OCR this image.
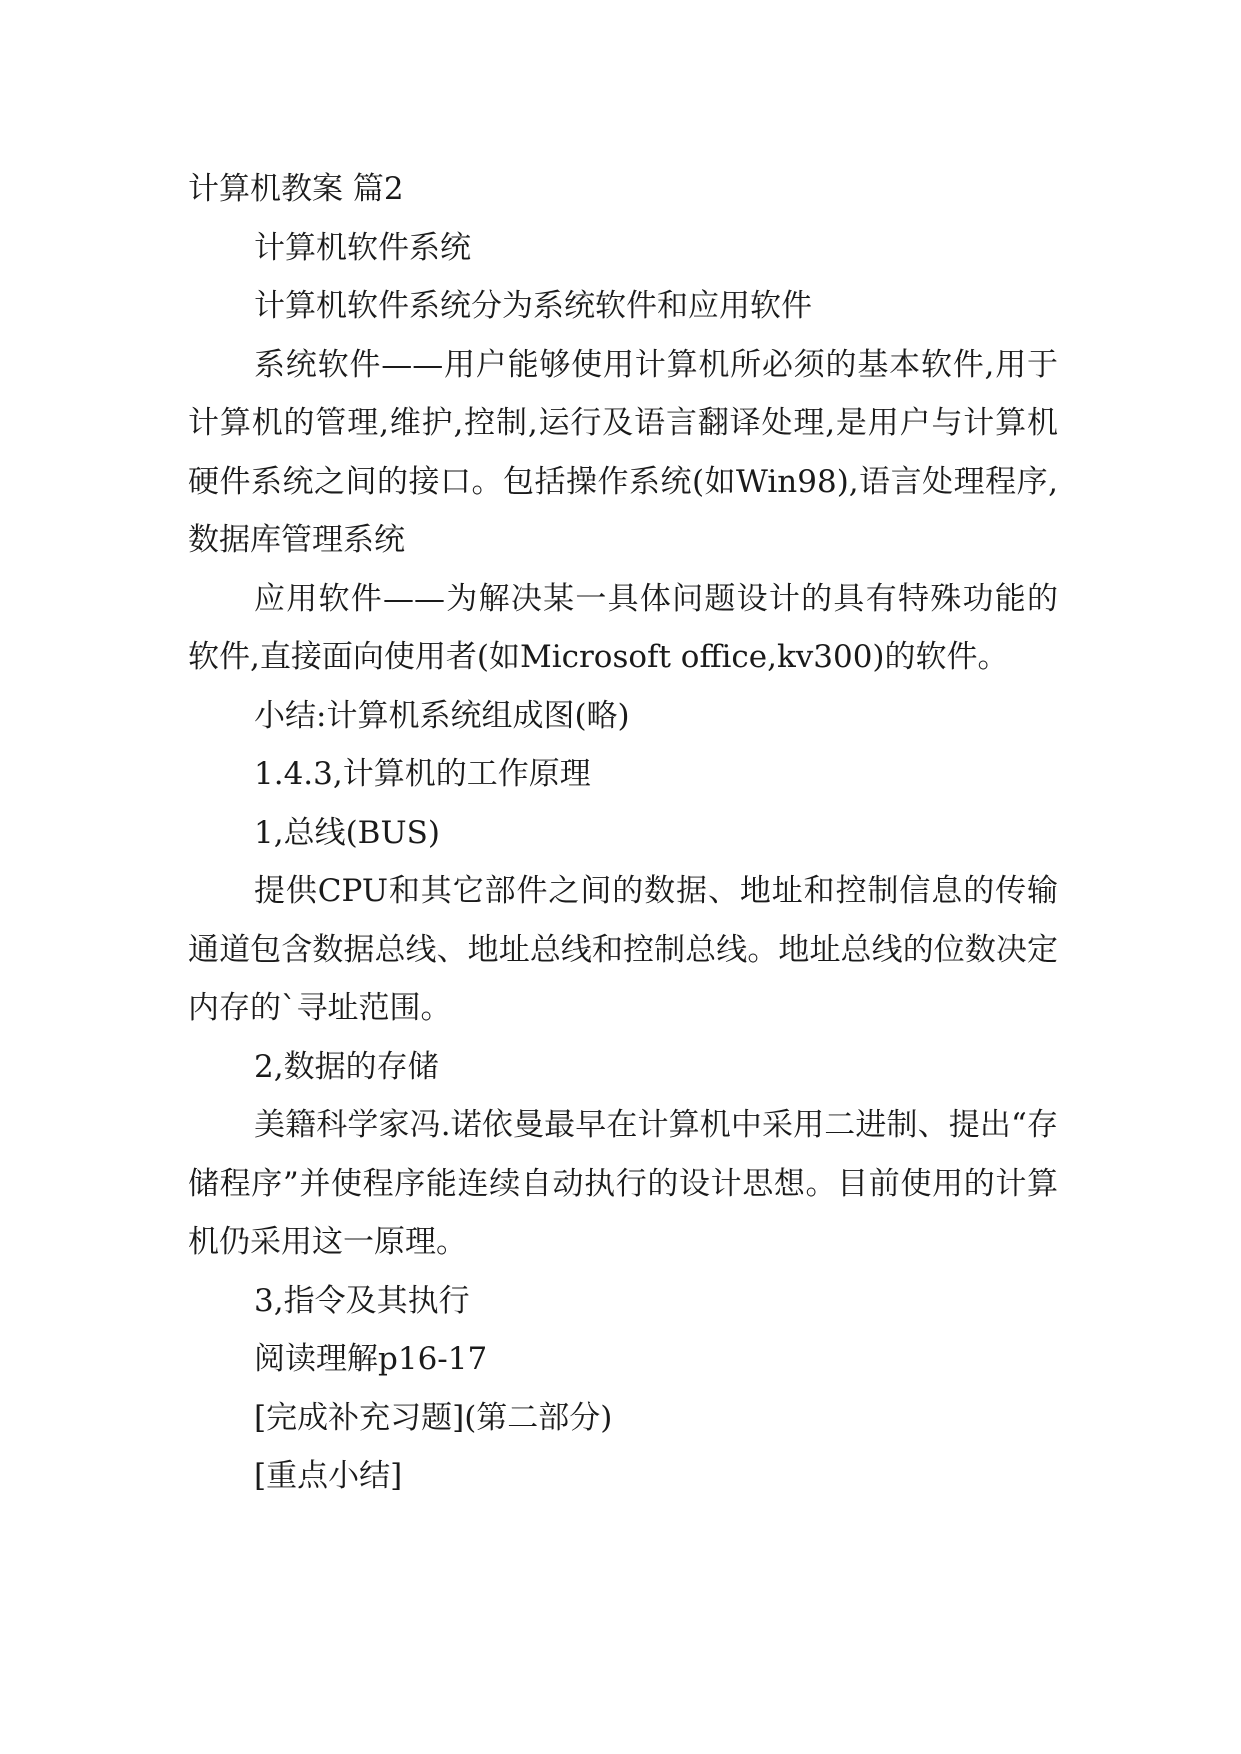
计算机教案 篇2

计算机软件系统

计算机软件系统分为系统软件和应用软件

系统软件——用户能够使用计算机所必须的基本软件,用于计算机的管理,维护,控制,运行及语言翻译处理,是用户与计算机硬件系统之间的接口。包括操作系统(如Win98),语言处理程序,数据库管理系统

应用软件——为解决某一具体问题设计的具有特殊功能的软件,直接面向使用者(如Microsoft office,kv300)的软件。

小结:计算机系统组成图(略)

1.4.3,计算机的工作原理

1,总线(BUS)

提供CPU和其它部件之间的数据、地址和控制信息的传输通道包含数据总线、地址总线和控制总线。地址总线的位数决定内存的`寻址范围。

2,数据的存储

美籍科学家冯.诺依曼最早在计算机中采用二进制、提出“存储程序”并使程序能连续自动执行的设计思想。目前使用的计算机仍采用这一原理。

3,指令及其执行

阅读理解p16-17

[完成补充习题](第二部分)

[重点小结]
